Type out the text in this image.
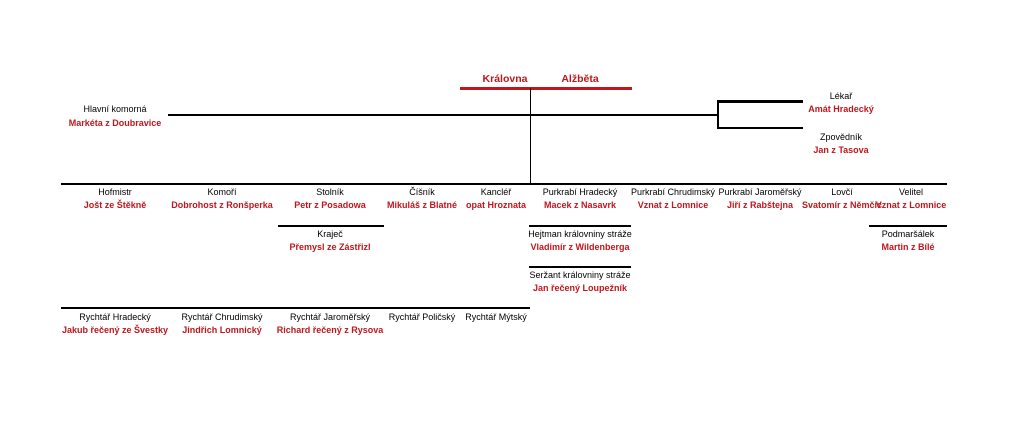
Královna	Alžběta
Hlavní komorná
Markéta z Doubravice
Lékař
Amát Hradecký
Zpovědník
Jan z Tasova
Hofmistr
Jošt ze Štěkně
Komoří
Dobrohost z Ronšperka
Stolník
Petr z Posadowa
Číšník
Mikuláš z Blatné
Kancléř
opat Hroznata
Purkrabí Hradecký
Macek z Nasavrk
Purkrabí Chrudimský
Vznat z Lomnice
Purkrabí Jaroměřský
Jiří z Rabštejna
Lovčí
Svatomír z Němčic
Velitel
Vznat z Lomnice
Kraječ
Přemysl ze Zástřizl
Hejtman královniny stráže
Vladimír z Wildenberga
Seržant královniny stráže
Jan řečený Loupežník
Podmaršálek
Martin z Bílé
Rychtář Hradecký
Jakub řečený ze Švestky
Rychtář Chrudimský
Jindřich Lomnický
Rychtář Jaroměřský
Richard řečený z Rysova
Rychtář Poličský Rychtář Mýtský
